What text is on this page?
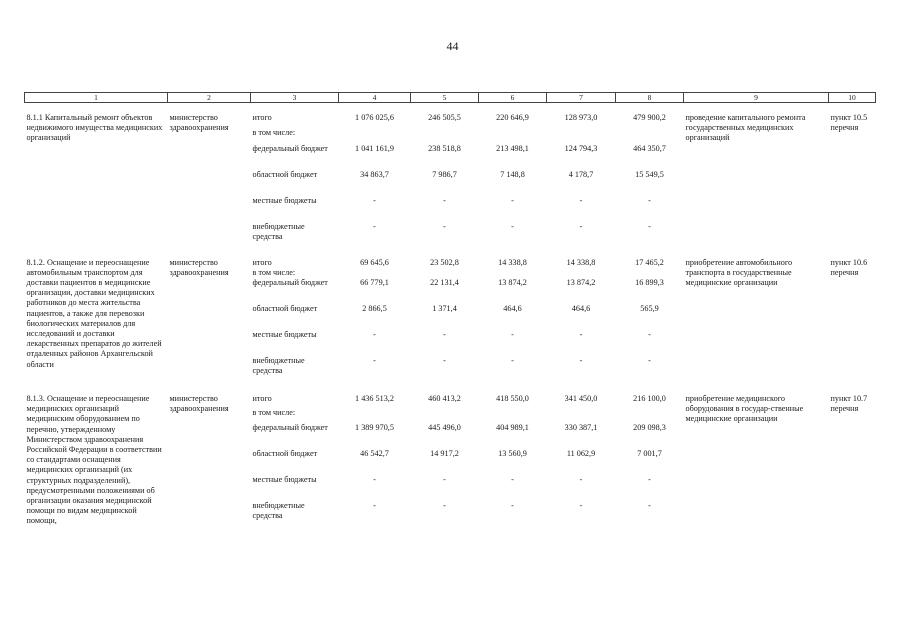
44
1	2	3	4	5	6	7	8	9	10

8.1.1 Капитальный ремонт объектов недвижимого имущества медицинских организаций	министерство здравоохранения	итого	1 076 025,6	246 505,5	220 646,9	128 973,0	479 900,2	проведение капитального ремонта государственных медицинских организаций	пункт 10.5 перечня
		в том числе:							
		федеральный бюджет	1 041 161,9	238 518,8	213 498,1	124 794,3	464 350,7		
		областной бюджет	34 863,7	7 986,7	7 148,8	4 178,7	15 549,5		
		местные бюджеты	-	-	-	-	-		
		внебюджетные средства	-	-	-	-	-		

8.1.2. Оснащение и переоснащение автомобильным транспортом для доставки пациентов в медицинские организации, доставки медицинских работников до места жительства пациентов, а также для перевозки биологических материалов для исследований и доставки лекарственных препаратов до жителей отдаленных районов Архангельской области	министерство здравоохранения	итого	69 645,6	23 502,8	14 338,8	14 338,8	17 465,2	приобретение автомобильного транспорта в государственные медицинские организации	пункт 10.6 перечня
		в том числе:							
		федеральный бюджет	66 779,1	22 131,4	13 874,2	13 874,2	16 899,3		
		областной бюджет	2 866,5	1 371,4	464,6	464,6	565,9		
		местные бюджеты	-	-	-	-	-		
		внебюджетные средства	-	-	-	-	-		

8.1.3. Оснащение и переоснащение медицинских организаций медицинским оборудованием по перечню, утвержденному Министерством здравоохранения Российской Федерации в соответствии со стандартами оснащения медицинских организаций (их структурных подразделений), предусмотренными положениями об организации оказания медицинской помощи по видам медицинской помощи,	министерство здравоохранения	итого	1 436 513,2	460 413,2	418 550,0	341 450,0	216 100,0	приобретение медицинского оборудования в государ-ственные медицинские организации	пункт 10.7 перечня
		в том числе:							
		федеральный бюджет	1 389 970,5	445 496,0	404 989,1	330 387,1	209 098,3		
		областной бюджет	46 542,7	14 917,2	13 560,9	11 062,9	7 001,7		
		местные бюджеты	-	-	-	-	-		
		внебюджетные средства	-	-	-	-	-		
